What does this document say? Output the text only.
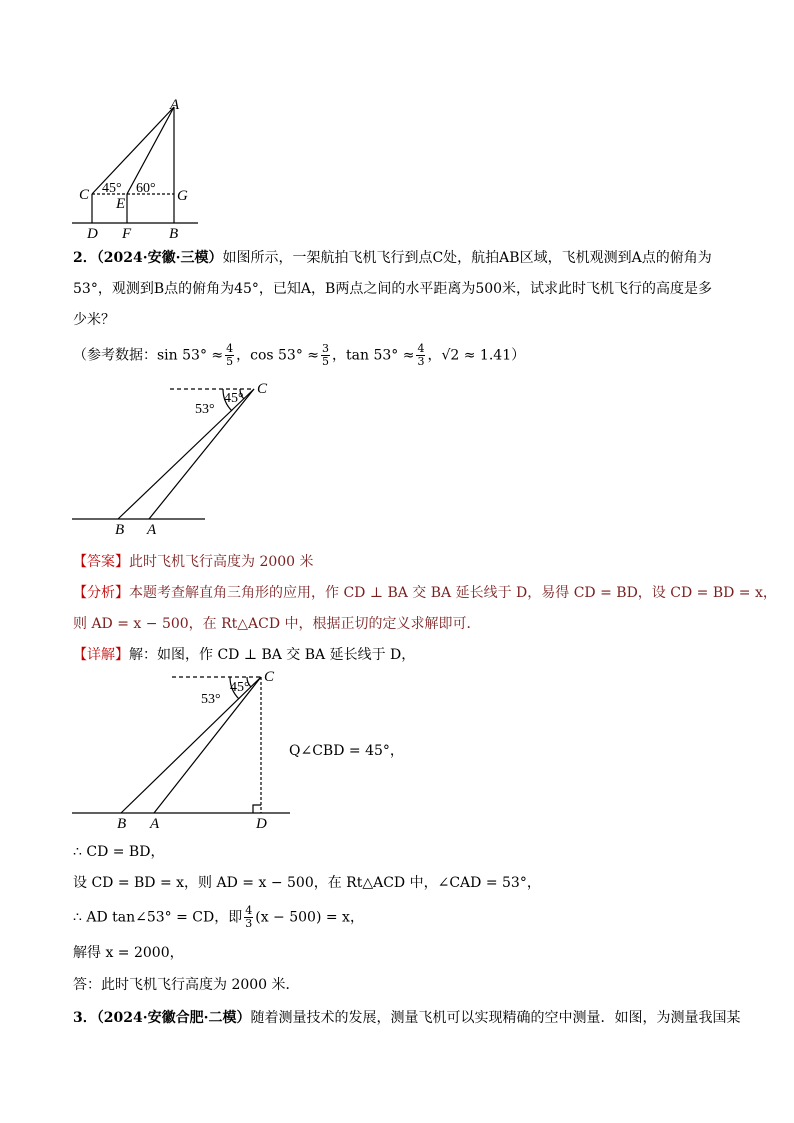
A
C
E	G
D F	B
45° 60°
2．（2024·安徽·三模）如图所示，一架航拍飞机飞行到点C处，航拍AB区域，飞机观测到A点的俯角为
53°，观测到B点的俯角为45°，已知A，B两点之间的水平距离为500米，试求此时飞机飞行的高度是多
少米？
（参考数据：$\sin 53^\circ \approx \frac{4}{5}$ ，$\cos 53^\circ \approx \frac{3}{5}$ ，$\tan 53^\circ \approx \frac{4}{3}$ ，√2 ≈ 1.41）
C
B A
53°
45°
【答案】此时飞机飞行高度为 2000 米
【分析】本题考查解直角三角形的应用，作 CD ⊥ BA 交 BA 延长线于 D，易得 CD = BD，设 CD = BD = x，
则 AD = x − 500，在 Rt△ACD 中，根据正切的定义求解即可．
【详解】解：如图，作 CD ⊥ BA 交 BA 延长线于 D，
C
B A	D
53°
45°
Q∠CBD = 45°，
∴ CD = BD，
设 CD = BD = x，则 AD = x − 500，在 Rt△ACD 中，∠CAD = 53°，
∴ AD tan∠53° = CD，即 $\frac{4}{3} (x - 500) = x$，
解得 x = 2000，
答：此时飞机飞行高度为 2000 米．
3．（2024·安徽合肥·二模）随着测量技术的发展，测量飞机可以实现精确的空中测量．如图，为测量我国某
